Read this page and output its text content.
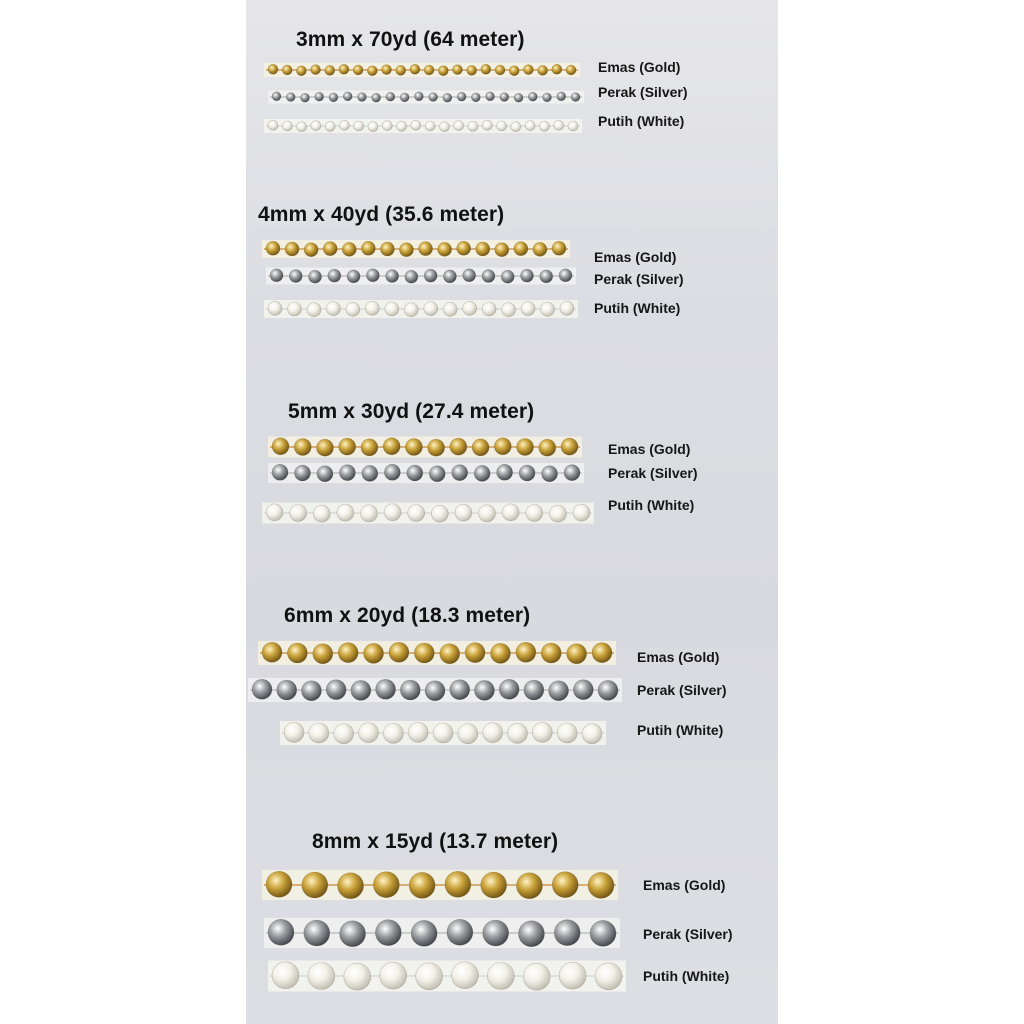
3mm x 70yd (64 meter)
Emas (Gold)
Perak (Silver)
Putih (White)
4mm x 40yd (35.6 meter)
Emas (Gold)
Perak (Silver)
Putih (White)
5mm x 30yd (27.4 meter)
Emas (Gold)
Perak (Silver)
Putih (White)
6mm x 20yd (18.3 meter)
Emas (Gold)
Perak (Silver)
Putih (White)
8mm x 15yd (13.7 meter)
Emas (Gold)
Perak (Silver)
Putih (White)
